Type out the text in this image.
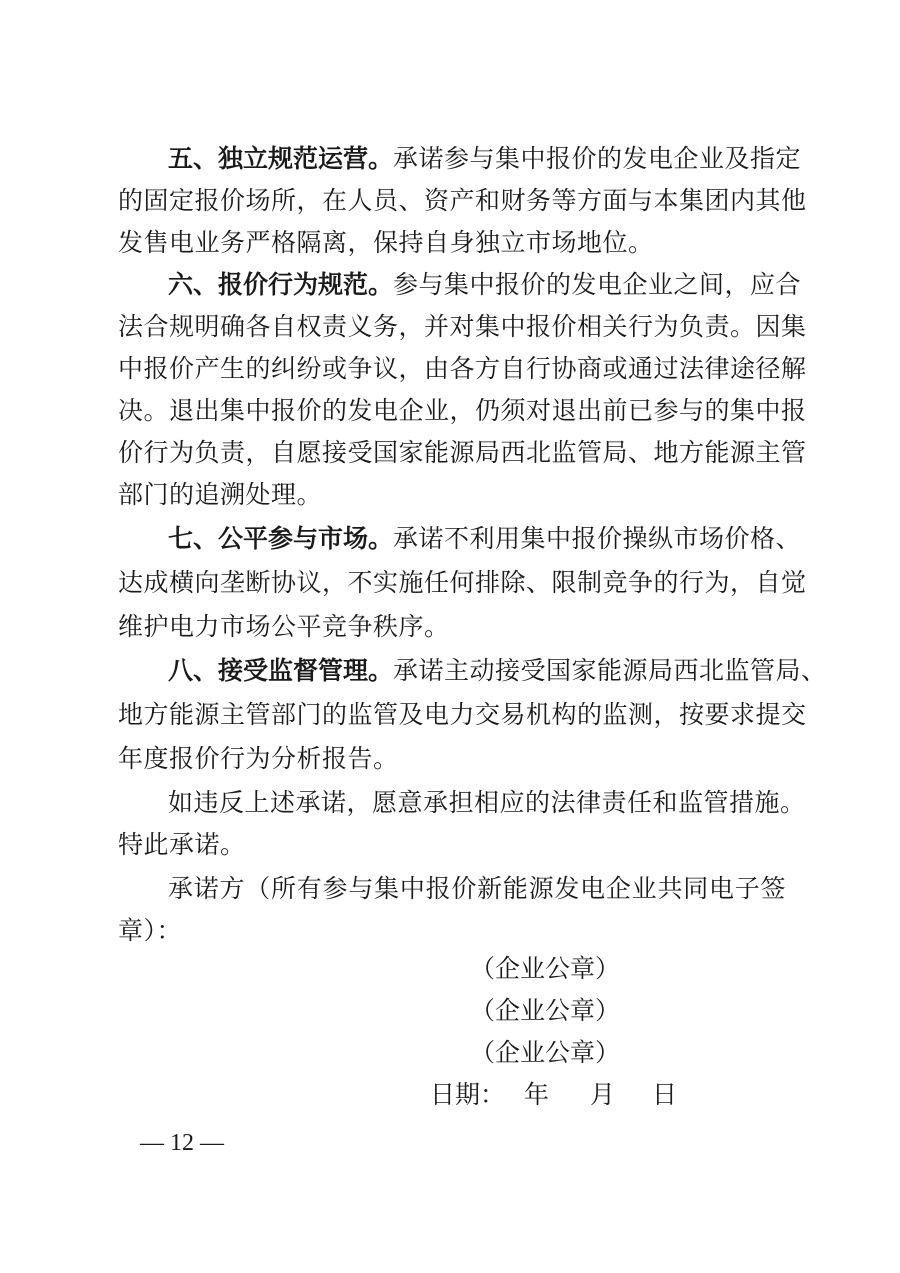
五、独立规范运营。承诺参与集中报价的发电企业及指定
的固定报价场所，在人员、资产和财务等方面与本集团内其他
发售电业务严格隔离，保持自身独立市场地位。
六、报价行为规范。参与集中报价的发电企业之间，应合
法合规明确各自权责义务，并对集中报价相关行为负责。因集
中报价产生的纠纷或争议，由各方自行协商或通过法律途径解
决。退出集中报价的发电企业，仍须对退出前已参与的集中报
价行为负责，自愿接受国家能源局西北监管局、地方能源主管
部门的追溯处理。
七、公平参与市场。承诺不利用集中报价操纵市场价格、
达成横向垄断协议，不实施任何排除、限制竞争的行为，自觉
维护电力市场公平竞争秩序。
八、接受监督管理。承诺主动接受国家能源局西北监管局、
地方能源主管部门的监管及电力交易机构的监测，按要求提交
年度报价行为分析报告。
如违反上述承诺，愿意承担相应的法律责任和监管措施。
特此承诺。
承诺方（所有参与集中报价新能源发电企业共同电子签
章）：
（企业公章）
（企业公章）
（企业公章）
日期： 年 月 日
— 12 —
